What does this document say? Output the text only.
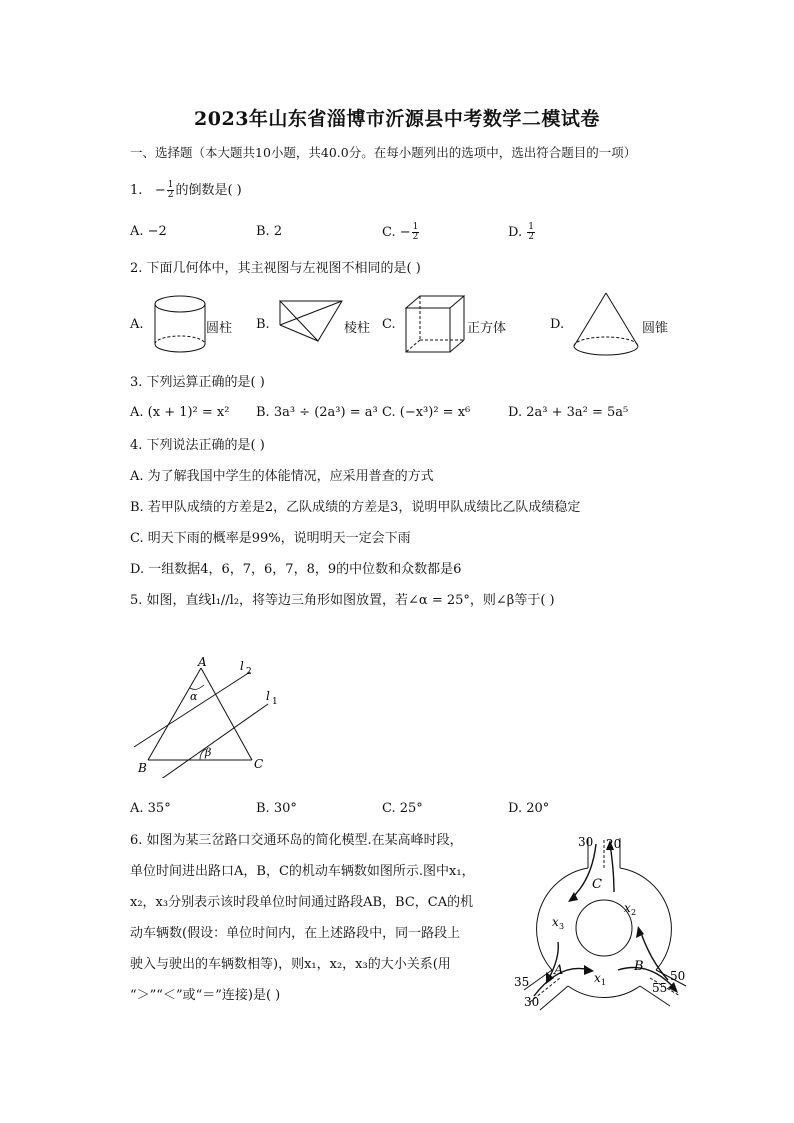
2023年山东省淄博市沂源县中考数学二模试卷
一、选择题（本大题共10小题，共40.0分。在每小题列出的选项中，选出符合题目的一项）
1. − $\frac{1}{2}$ 的倒数是( )
A. −2	B. 2	C. − $\frac{1}{2}$	D. $\frac{1}{2}$
2. 下面几何体中，其主视图与左视图不相同的是( )
A.	圆柱 B.	棱柱 C.	正方体	D.	圆锥
3. 下列运算正确的是( )
A. (x + 1)² = x² B. 3a³ ÷ (2a³) = a³ C. (−x³)² = x⁶	D. 2a³ + 3a² = 5a⁵
4. 下列说法正确的是( )
A. 为了解我国中学生的体能情况，应采用普查的方式
B. 若甲队成绩的方差是2，乙队成绩的方差是3，说明甲队成绩比乙队成绩稳定
C. 明天下雨的概率是99%，说明明天一定会下雨
D. 一组数据4，6，7，6，7，8，9的中位数和众数都是6
5. 如图，直线l₁//l₂，将等边三角形如图放置，若∠α = 25°，则∠β等于( )
A
B	C
α
β
l 2
l 1
A. 35°	B. 30°	C. 25°	D. 20°
6. 如图为某三岔路口交通环岛的简化模型.在某高峰时段，
单位时间进出路口A，B，C的机动车辆数如图所示.图中x₁，
x₂，x₃分别表示该时段单位时间通过路段AB，BC，CA的机
动车辆数(假设：单位时间内，在上述路段中，同一路段上
驶入与驶出的车辆数相等)，则x₁，x₂，x₃的大小关系(用
“＞”“＜”或“＝”连接)是( )
30 20
C
x 3
x 2
A	x 1
B
35
30
50
55
